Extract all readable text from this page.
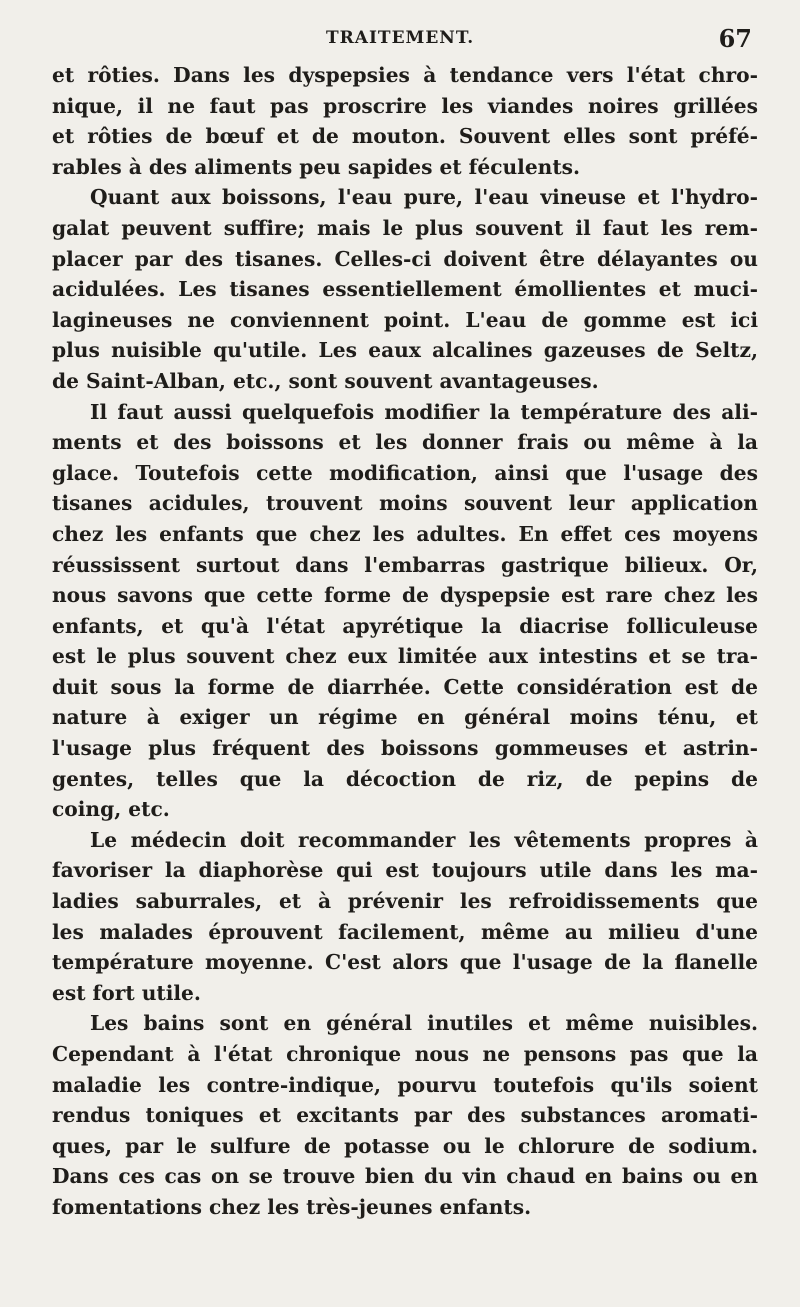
TRAITEMENT.	67
et rôties. Dans les dyspepsies à tendance vers l'état chro-
nique, il ne faut pas proscrire les viandes noires grillées
et rôties de bœuf et de mouton. Souvent elles sont préfé-
rables à des aliments peu sapides et féculents.
Quant aux boissons, l'eau pure, l'eau vineuse et l'hydro-
galat peuvent suffire; mais le plus souvent il faut les rem-
placer par des tisanes. Celles-ci doivent être délayantes ou
acidulées. Les tisanes essentiellement émollientes et muci-
lagineuses ne conviennent point. L'eau de gomme est ici
plus nuisible qu'utile. Les eaux alcalines gazeuses de Seltz,
de Saint-Alban, etc., sont souvent avantageuses.
Il faut aussi quelquefois modifier la température des ali-
ments et des boissons et les donner frais ou même à la
glace. Toutefois cette modification, ainsi que l'usage des
tisanes acidules, trouvent moins souvent leur application
chez les enfants que chez les adultes. En effet ces moyens
réussissent surtout dans l'embarras gastrique bilieux. Or,
nous savons que cette forme de dyspepsie est rare chez les
enfants, et qu'à l'état apyrétique la diacrise folliculeuse
est le plus souvent chez eux limitée aux intestins et se tra-
duit sous la forme de diarrhée. Cette considération est de
nature à exiger un régime en général moins ténu, et
l'usage plus fréquent des boissons gommeuses et astrin-
gentes, telles que la décoction de riz, de pepins de
coing, etc.
Le médecin doit recommander les vêtements propres à
favoriser la diaphorèse qui est toujours utile dans les ma-
ladies saburrales, et à prévenir les refroidissements que
les malades éprouvent facilement, même au milieu d'une
température moyenne. C'est alors que l'usage de la flanelle
est fort utile.
Les bains sont en général inutiles et même nuisibles.
Cependant à l'état chronique nous ne pensons pas que la
maladie les contre-indique, pourvu toutefois qu'ils soient
rendus toniques et excitants par des substances aromati-
ques, par le sulfure de potasse ou le chlorure de sodium.
Dans ces cas on se trouve bien du vin chaud en bains ou en
fomentations chez les très-jeunes enfants.
